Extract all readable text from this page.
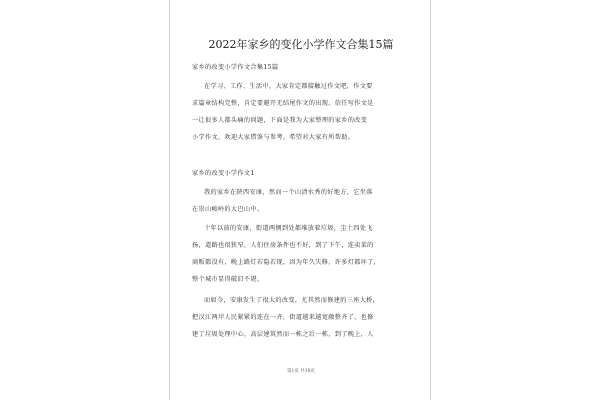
2022年家乡的变化小学作文合集15篇
家乡的改变小学作文合集15篇
在学习、工作、生活中，大家肯定都接触过作文吧，作文要
求篇章结构完整，肯定要避开无结尾作文的出现。信任写作文是
一让很多人都头痛的问题，下面是我为大家整理的家乡的改变
小学作文，欢迎大家借鉴与参考，希望对大家有所帮助。
家乡的改变小学作文1
我的家乡在陕西安康，然而一个山清水秀的好地方，它坐落
在崇山峻岭的大巴山中。
十年以前的安康，街道两侧到处都堆放着垃圾，尘土四处飞
扬，道路也很狭窄，人们住房条件也不好，到了下午，连卖菜的
商贩都没有，晚上路灯若隐若现，因为年久失修，许多灯都坏了，
整个城市显得破旧不堪。
而如今，安康发生了很大的改变，尤其然而修建的三座大桥，
把汉江两岸人民紧紧的连在一齐，街道越来越宽敞整齐了，也修
建了垃圾处理中心，高层建筑然而一栋之后一栋，到了晚上，人
第1页 共18页
